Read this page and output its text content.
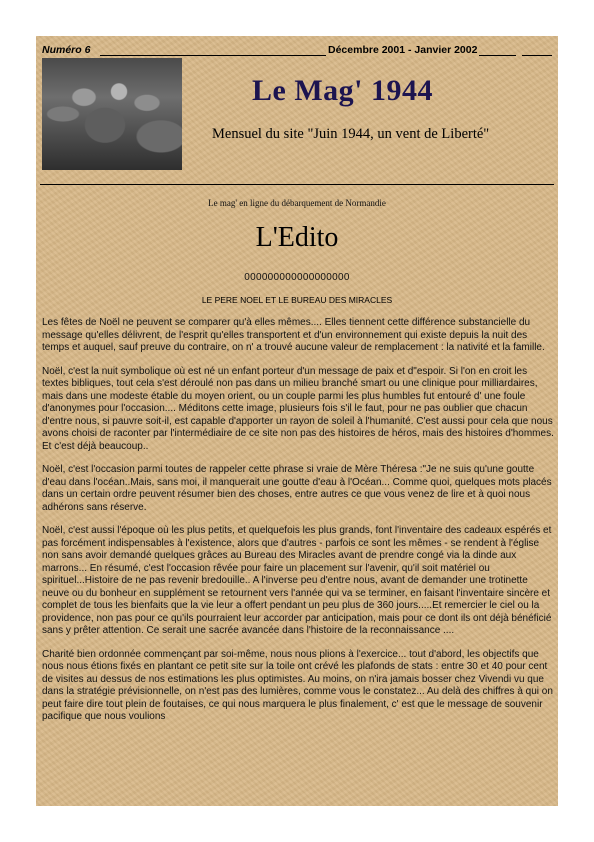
Numéro 6	Décembre 2001 - Janvier 2002
Le Mag' 1944
Mensuel du site "Juin 1944, un vent de Liberté"
Le mag' en ligne du débarquement de Normandie
L'Edito
000000000000000000
LE PERE NOEL ET LE BUREAU DES MIRACLES

Les fêtes de Noël ne peuvent se comparer qu'à elles mêmes.... Elles tiennent cette différence substancielle du message qu'elles délivrent, de l'esprit qu'elles transportent et d'un environnement qui existe depuis la nuit des temps et auquel, sauf preuve du contraire, on n' a trouvé aucune valeur de remplacement : la nativité et la famille.

Noël, c'est la nuit symbolique où est né un enfant porteur d'un message de paix et d"espoir. Si l'on en croit les textes bibliques, tout cela s'est déroulé non pas dans un milieu branché smart ou une clinique pour milliardaires, mais dans une modeste étable du moyen orient, ou un couple parmi les plus humbles fut entouré d' une foule d'anonymes pour l'occasion.... Méditons cette image, plusieurs fois s'il le faut, pour ne pas oublier que chacun d'entre nous, si pauvre soit-il, est capable d'apporter un rayon de soleil à l'humanité. C'est aussi pour cela que nous avons choisi de raconter par l'intermédiaire de ce site non pas des histoires de héros, mais des histoires d'hommes. Et c'est déjà beaucoup..

Noël, c'est l'occasion parmi toutes de rappeler cette phrase si vraie de Mère Théresa :"Je ne suis qu'une goutte d'eau dans l'océan..Mais, sans moi, il manquerait une goutte d'eau à l'Océan... Comme quoi, quelques mots placés dans un certain ordre peuvent résumer bien des choses, entre autres ce que vous venez de lire et à quoi nous adhérons sans réserve.

Noël, c'est aussi l'époque où les plus petits, et quelquefois les plus grands, font l'inventaire des cadeaux espérés et pas forcément indispensables à l'existence, alors que d'autres - parfois ce sont les mêmes - se rendent à l'église non sans avoir demandé quelques grâces au Bureau des Miracles avant de prendre congé via la dinde aux marrons... En résumé, c'est l'occasion rêvée pour faire un placement sur l'avenir, qu'il soit matériel ou spirituel...Histoire de ne pas revenir bredouille.. A l'inverse peu d'entre nous, avant de demander une trotinette neuve ou du bonheur en supplément se retournent vers l'année qui va se terminer, en faisant l'inventaire sincère et complet de tous les bienfaits que la vie leur a offert pendant un peu plus de 360 jours.....Et remercier le ciel ou la providence, non pas pour ce qu'ils pourraient leur accorder par anticipation, mais pour ce dont ils ont déjà bénéficié sans y prêter attention. Ce serait une sacrée avancée dans l'histoire de la reconnaissance ....

Charité bien ordonnée commençant par soi-même, nous nous plions à l'exercice... tout d'abord, les objectifs que nous nous étions fixés en plantant ce petit site sur la toile ont crévé les plafonds de stats : entre 30 et 40 pour cent de visites au dessus de nos estimations les plus optimistes. Au moins, on n'ira jamais bosser chez Vivendi vu que dans la stratégie prévisionnelle, on n'est pas des lumières, comme vous le constatez... Au delà des chiffres à qui on peut faire dire tout plein de foutaises, ce qui nous marquera le plus finalement, c' est que le message de souvenir pacifique que nous voulions
